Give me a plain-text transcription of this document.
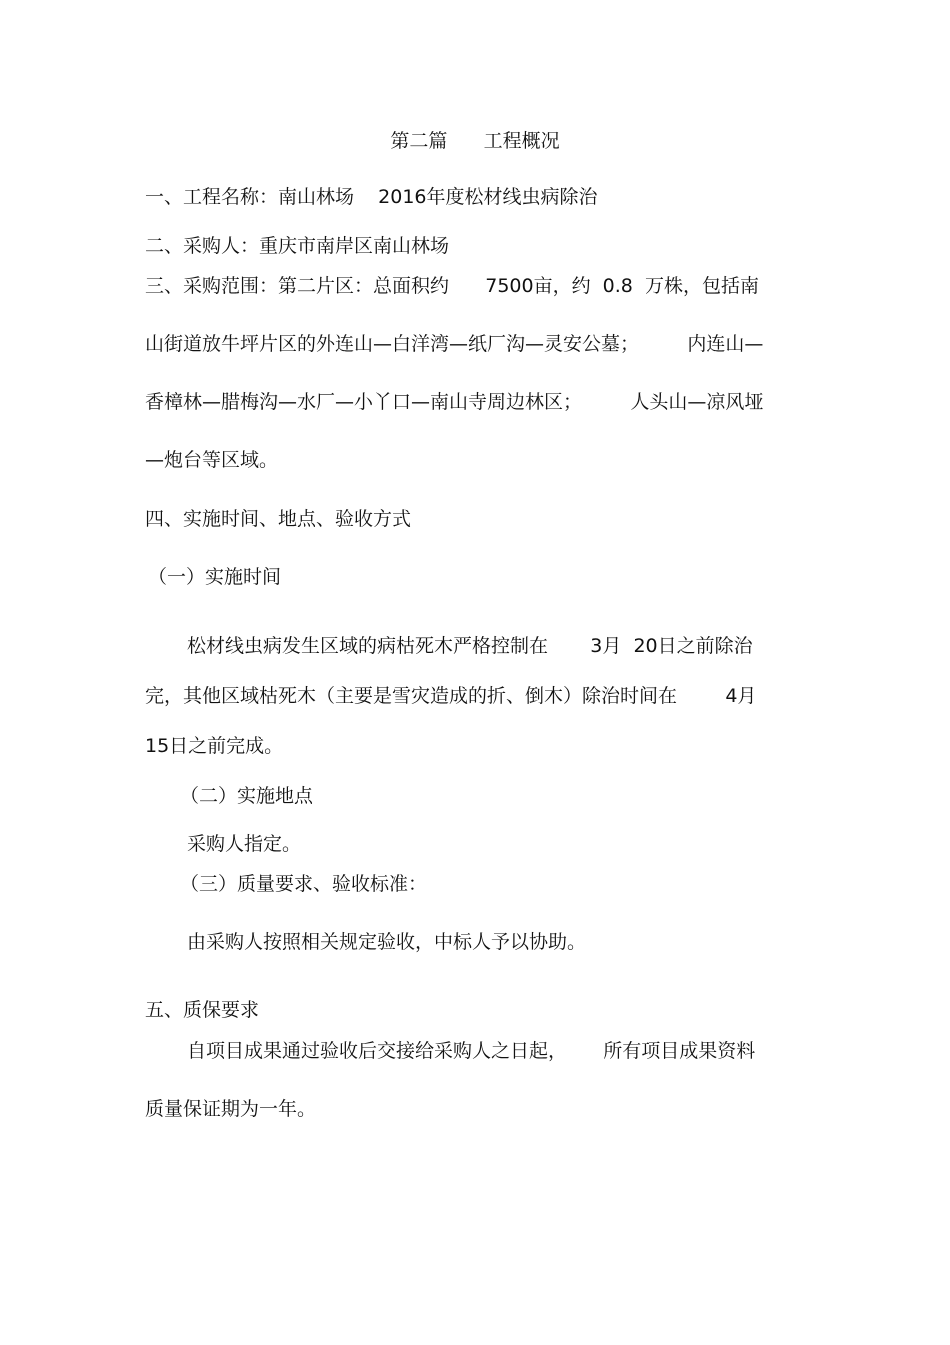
第二篇      工程概况

一、工程名称：南山林场    2016年度松材线虫病除治

二、采购人：重庆市南岸区南山林场

三、采购范围：第二片区：总面积约      7500亩，约  0.8  万株，包括南

山街道放牛坪片区的外连山—白洋湾—纸厂沟—灵安公墓；        内连山—

香樟林—腊梅沟—水厂—小丫口—南山寺周边林区；        人头山—凉风垭

—炮台等区域。

四、实施时间、地点、验收方式

（一）实施时间

松材线虫病发生区域的病枯死木严格控制在       3月  20日之前除治

完，其他区域枯死木（主要是雪灾造成的折、倒木）除治时间在        4月

15日之前完成。

（二）实施地点

采购人指定。

（三）质量要求、验收标准：

由采购人按照相关规定验收，中标人予以协助。

五、质保要求

自项目成果通过验收后交接给采购人之日起，      所有项目成果资料

质量保证期为一年。
